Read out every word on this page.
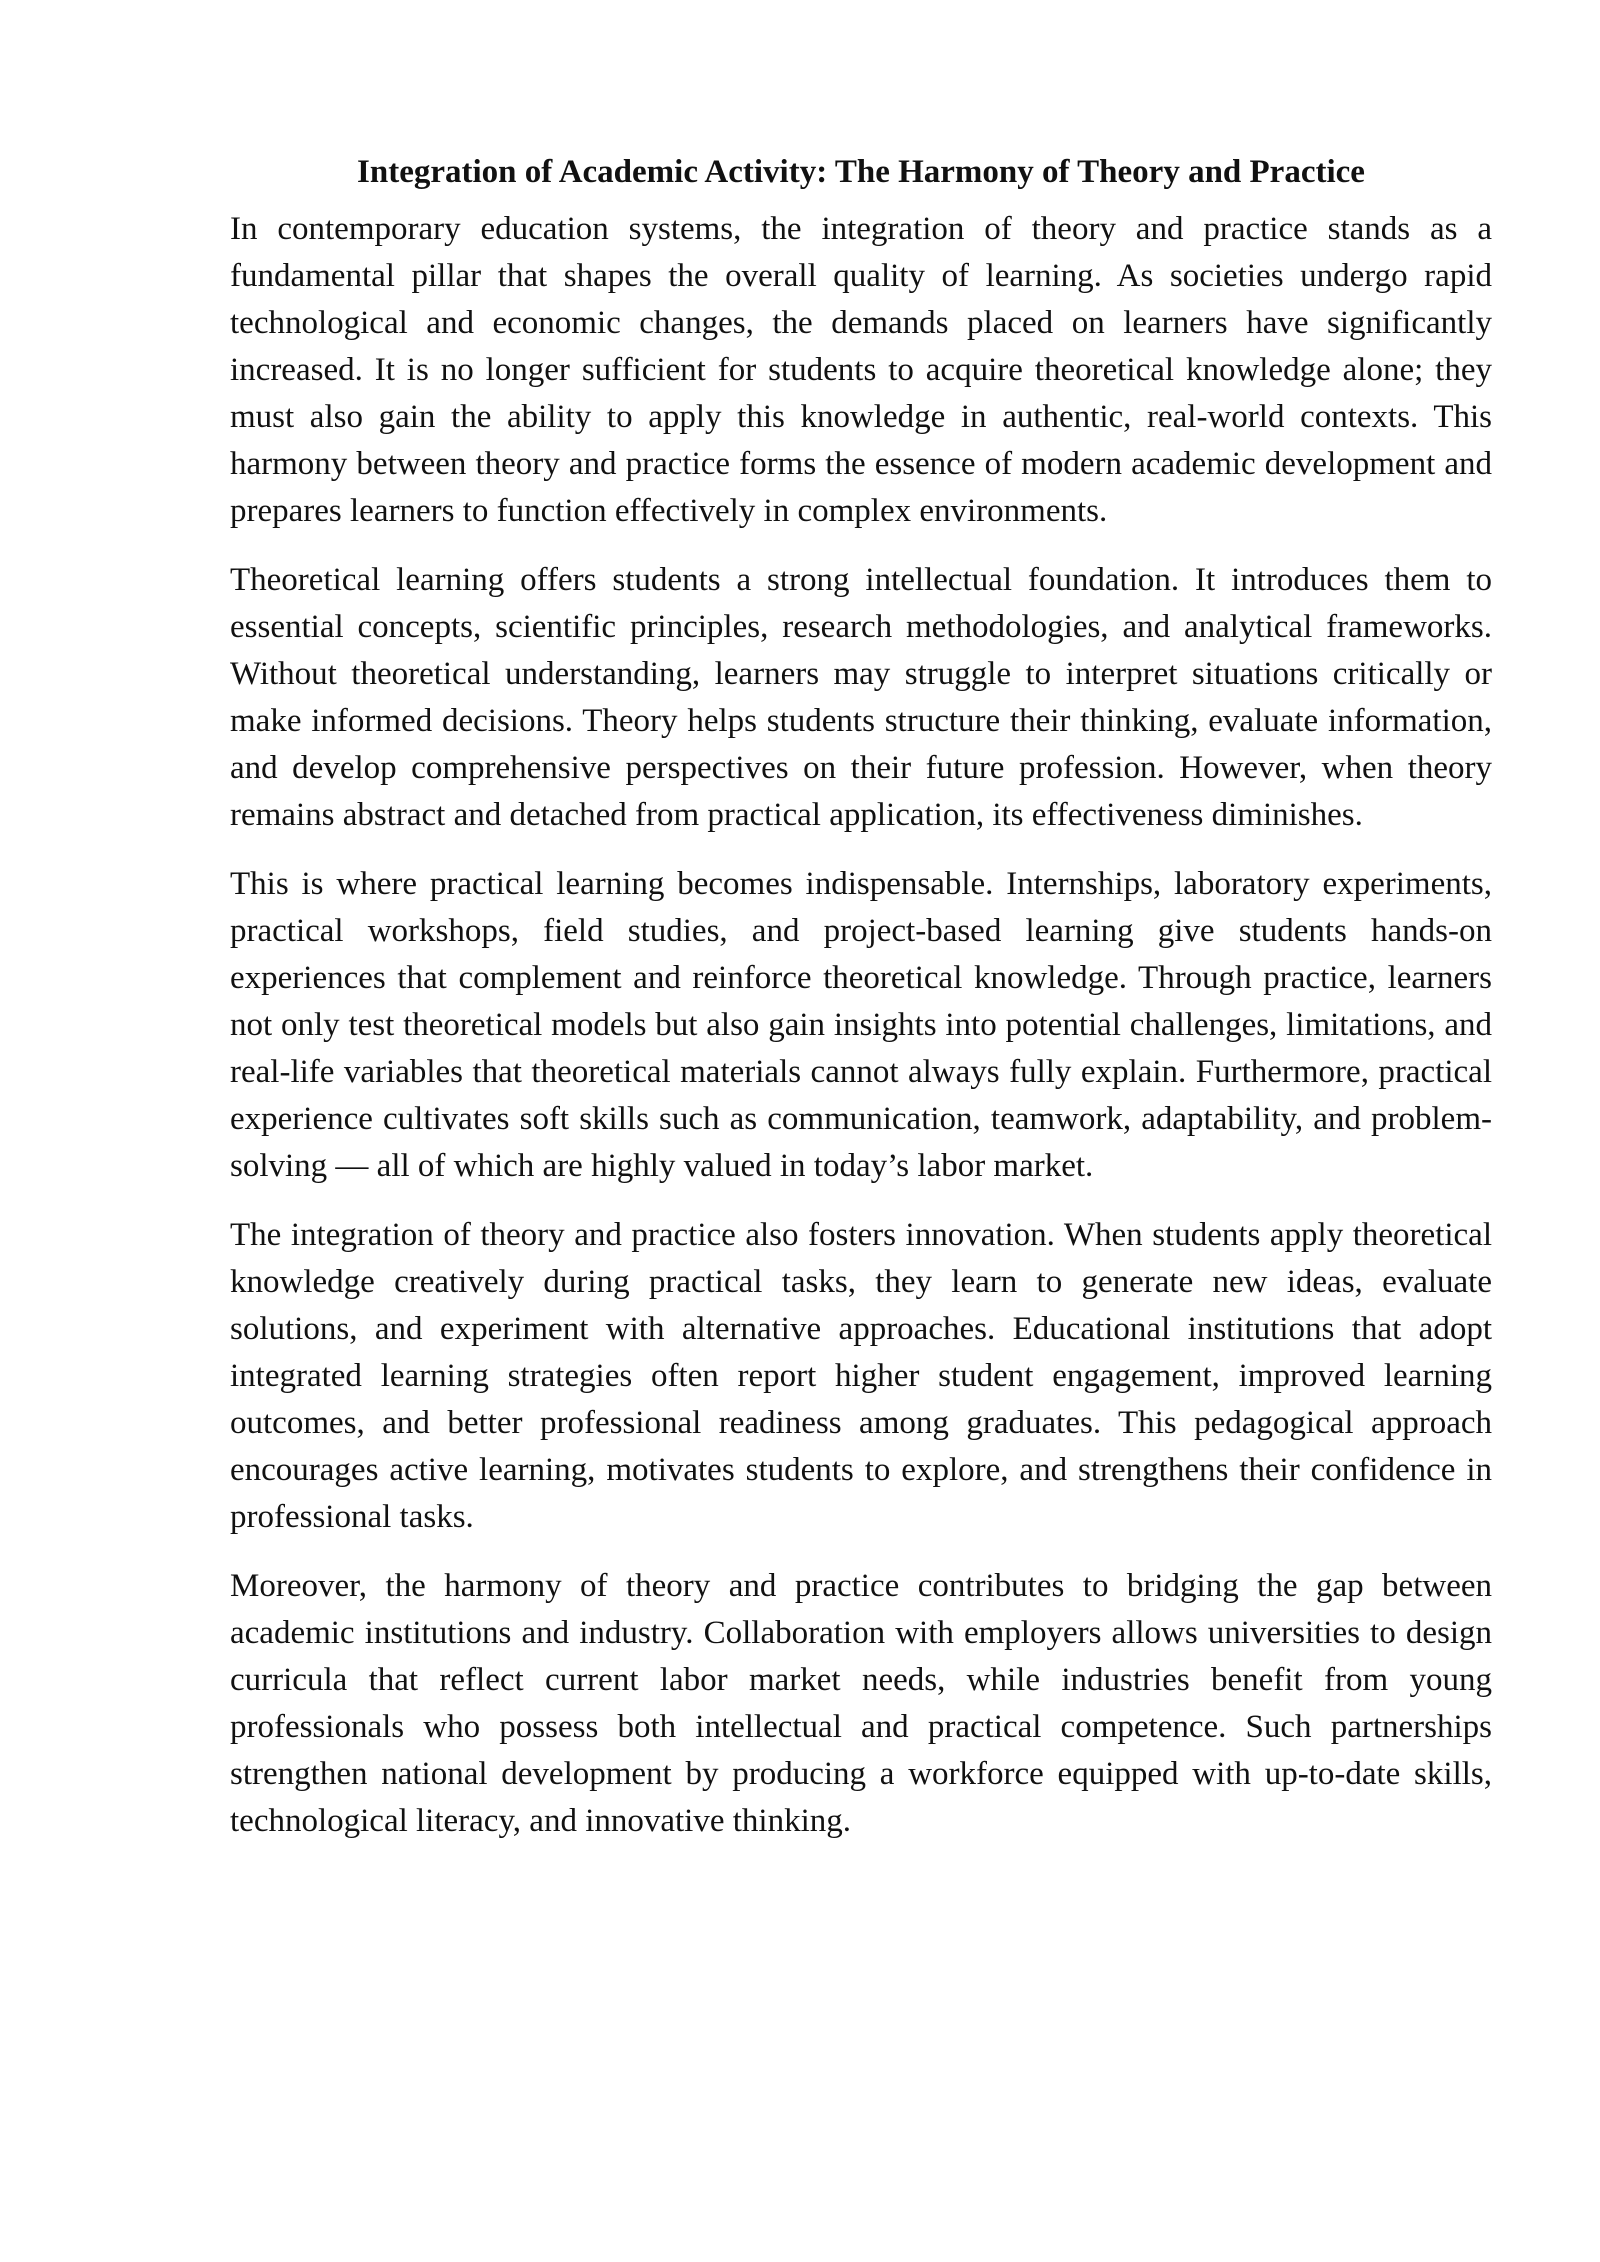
Integration of Academic Activity: The Harmony of Theory and Practice

In contemporary education systems, the integration of theory and practice stands as a fundamental pillar that shapes the overall quality of learning. As societies undergo rapid technological and economic changes, the demands placed on learners have significantly increased. It is no longer sufficient for students to acquire theoretical knowledge alone; they must also gain the ability to apply this knowledge in authentic, real-world contexts. This harmony between theory and practice forms the essence of modern academic development and prepares learners to function effectively in complex environments.

Theoretical learning offers students a strong intellectual foundation. It introduces them to essential concepts, scientific principles, research methodologies, and analytical frameworks. Without theoretical understanding, learners may struggle to interpret situations critically or make informed decisions. Theory helps students structure their thinking, evaluate information, and develop comprehensive perspectives on their future profession. However, when theory remains abstract and detached from practical application, its effectiveness diminishes.

This is where practical learning becomes indispensable. Internships, laboratory experiments, practical workshops, field studies, and project-based learning give students hands-on experiences that complement and reinforce theoretical knowledge. Through practice, learners not only test theoretical models but also gain insights into potential challenges, limitations, and real-life variables that theoretical materials cannot always fully explain. Furthermore, practical experience cultivates soft skills such as communication, teamwork, adaptability, and problem-solving — all of which are highly valued in today’s labor market.

The integration of theory and practice also fosters innovation. When students apply theoretical knowledge creatively during practical tasks, they learn to generate new ideas, evaluate solutions, and experiment with alternative approaches. Educational institutions that adopt integrated learning strategies often report higher student engagement, improved learning outcomes, and better professional readiness among graduates. This pedagogical approach encourages active learning, motivates students to explore, and strengthens their confidence in professional tasks.

Moreover, the harmony of theory and practice contributes to bridging the gap between academic institutions and industry. Collaboration with employers allows universities to design curricula that reflect current labor market needs, while industries benefit from young professionals who possess both intellectual and practical competence. Such partnerships strengthen national development by producing a workforce equipped with up-to-date skills, technological literacy, and innovative thinking.
